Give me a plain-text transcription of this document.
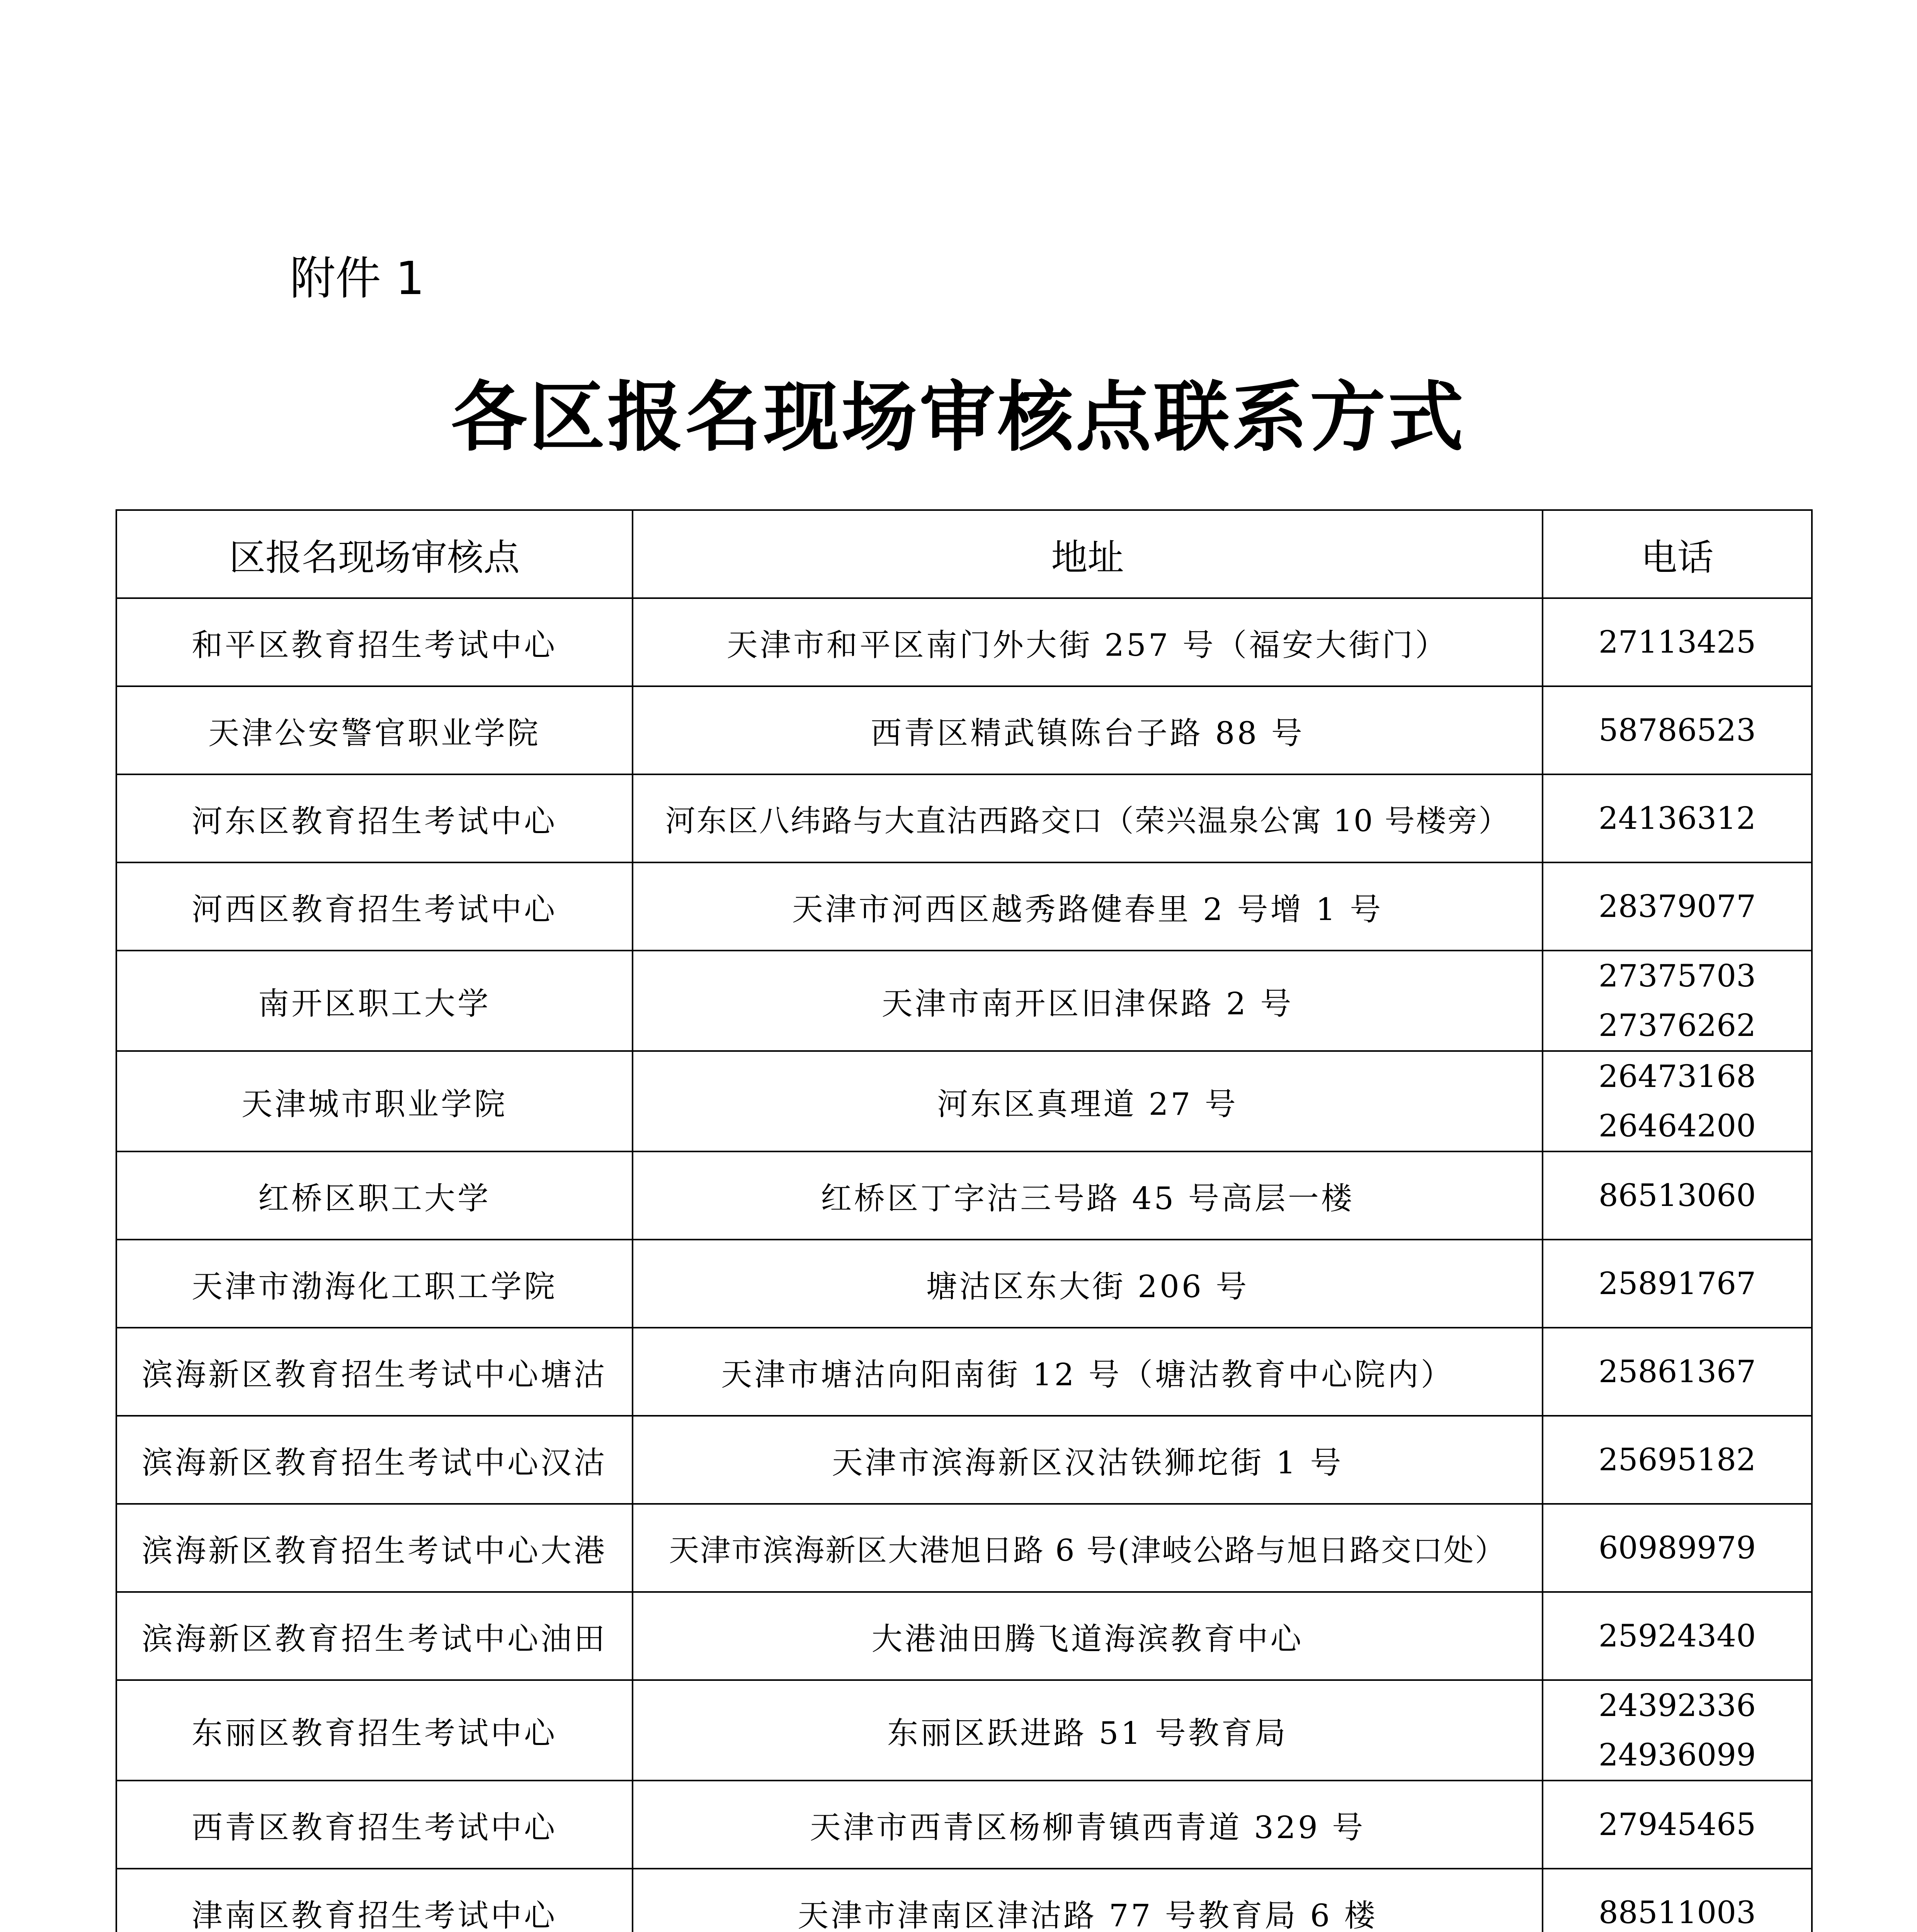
附件 1
各区报名现场审核点联系方式
区报名现场审核点	地址	电话
和平区教育招生考试中心	天津市和平区南门外大街 257 号（福安大街门）	27113425

天津公安警官职业学院	西青区精武镇陈台子路 88 号	58786523

河东区教育招生考试中心	河东区八纬路与大直沽西路交口（荣兴温泉公寓 10 号楼旁）	24136312

河西区教育招生考试中心	天津市河西区越秀路健春里 2 号增 1 号	28379077

南开区职工大学	天津市南开区旧津保路 2 号	27375703
27376262

天津城市职业学院	河东区真理道 27 号	26473168
26464200

红桥区职工大学	红桥区丁字沽三号路 45 号高层一楼	86513060

天津市渤海化工职工学院	塘沽区东大街 206 号	25891767

滨海新区教育招生考试中心塘沽	天津市塘沽向阳南街 12 号（塘沽教育中心院内）	25861367

滨海新区教育招生考试中心汉沽	天津市滨海新区汉沽铁狮坨街 1 号	25695182

滨海新区教育招生考试中心大港	天津市滨海新区大港旭日路 6 号(津岐公路与旭日路交口处）	60989979

滨海新区教育招生考试中心油田	大港油田腾飞道海滨教育中心	25924340

东丽区教育招生考试中心	东丽区跃进路 51 号教育局	24392336
24936099

西青区教育招生考试中心	天津市西青区杨柳青镇西青道 329 号	27945465

津南区教育招生考试中心	天津市津南区津沽路 77 号教育局 6 楼	88511003
